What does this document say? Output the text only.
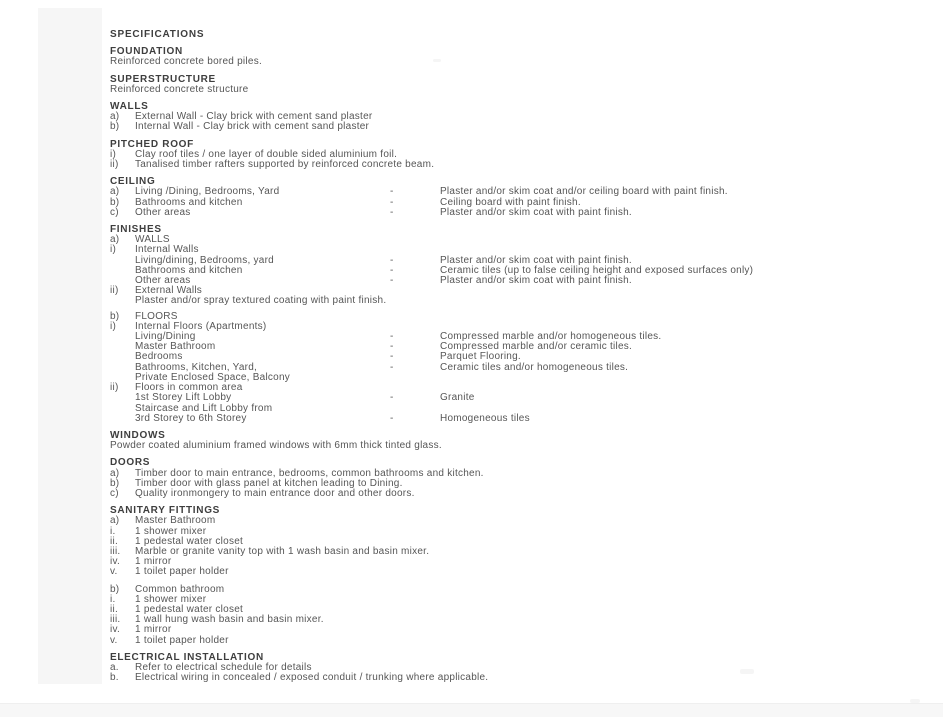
SPECIFICATIONS
FOUNDATION
Reinforced concrete bored piles.
SUPERSTRUCTURE
Reinforced concrete structure
WALLS
a)	External Wall - Clay brick with cement sand plaster
b)	Internal Wall - Clay brick with cement sand plaster
PITCHED ROOF
i)	Clay roof tiles / one layer of double sided aluminium foil.
ii)	Tanalised timber rafters supported by reinforced concrete beam.
CEILING
a)	Living /Dining, Bedrooms, Yard	-	Plaster and/or skim coat and/or ceiling board with paint finish.
b)	Bathrooms and kitchen	-	Ceiling board with paint finish.
c)	Other areas	-	Plaster and/or skim coat with paint finish.
FINISHES
a)	WALLS
i)	Internal Walls
Living/dining, Bedrooms, yard	-	Plaster and/or skim coat with paint finish.
Bathrooms and kitchen	-	Ceramic tiles (up to false ceiling height and exposed surfaces only)
Other areas	-	Plaster and/or skim coat with paint finish.
ii)	External Walls
Plaster and/or spray textured coating with paint finish.
b)	FLOORS
i)	Internal Floors (Apartments)
Living/Dining	-	Compressed marble and/or homogeneous tiles.
Master Bathroom	-	Compressed marble and/or ceramic tiles.
Bedrooms	-	Parquet Flooring.
Bathrooms, Kitchen, Yard,	-	Ceramic tiles and/or homogeneous tiles.
Private Enclosed Space, Balcony
ii)	Floors in common area
1st Storey Lift Lobby	-	Granite
Staircase and Lift Lobby from
3rd Storey to 6th Storey	-	Homogeneous tiles
WINDOWS
Powder coated aluminium framed windows with 6mm thick tinted glass.
DOORS
a)	Timber door to main entrance, bedrooms, common bathrooms and kitchen.
b)	Timber door with glass panel at kitchen leading to Dining.
c)	Quality ironmongery to main entrance door and other doors.
SANITARY FITTINGS
a)	Master Bathroom
i.	1 shower mixer
ii.	1 pedestal water closet
iii.	Marble or granite vanity top with 1 wash basin and basin mixer.
iv.	1 mirror
v.	1 toilet paper holder
b)	Common bathroom
i.	1 shower mixer
ii.	1 pedestal water closet
iii.	1 wall hung wash basin and basin mixer.
iv.	1 mirror
v.	1 toilet paper holder
ELECTRICAL INSTALLATION
a.	Refer to electrical schedule for details
b.	Electrical wiring in concealed / exposed conduit / trunking where applicable.
